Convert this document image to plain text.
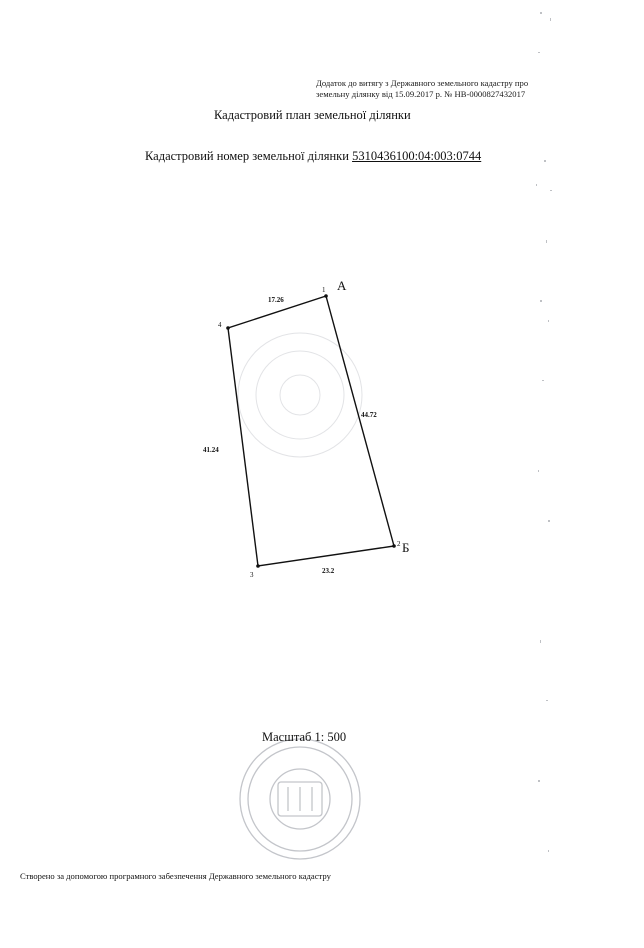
Додаток до витягу з Державного земельного кадастру про
земельну ділянку від 15.09.2017 р. № НВ-0000827432017
Кадастровий план земельної ділянки
Кадастровий номер земельної ділянки 5310436100:04:003:0744
1 А
2 Б
3
4
17.26
44.72
23.2
41.24
Масштаб 1: 500
Створено за допомогою програмного забезпечення Державного земельного кадастру
